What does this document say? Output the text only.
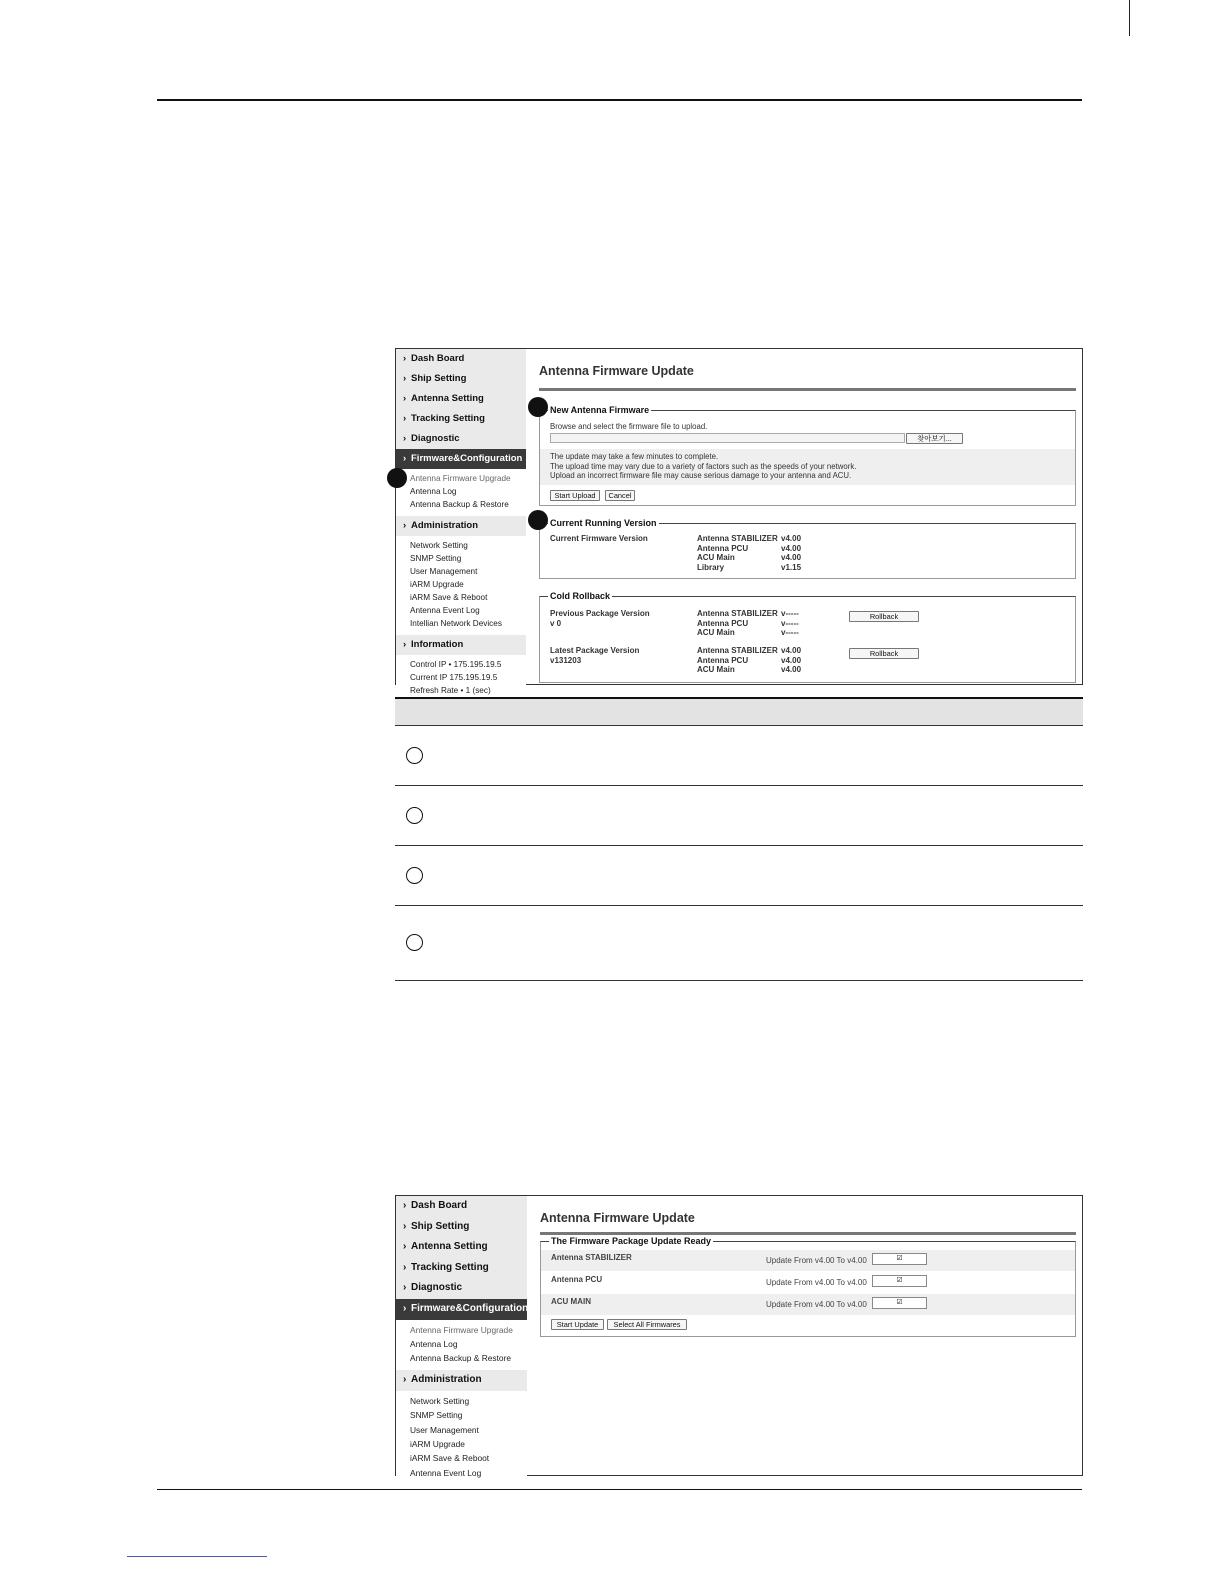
› Dash Board
› Ship Setting
› Antenna Setting
› Tracking Setting
› Diagnostic
› Firmware&Configuration
Antenna Firmware Upgrade
Antenna Log
Antenna Backup & Restore
› Administration
Network Setting
SNMP Setting
User Management
iARM Upgrade
iARM Save & Reboot
Antenna Event Log
Intellian Network Devices
› Information
Control IP • 175.195.19.5
Current IP 175.195.19.5
Refresh Rate • 1 (sec)
Antenna Firmware Update
New Antenna Firmware
Browse and select the firmware file to upload.
찾아보기...
The update may take a few minutes to complete.
The upload time may vary due to a variety of factors such as the speeds of your network.
Upload an incorrect firmware file may cause serious damage to your antenna and ACU.
Start Upload	Cancel
Current Running Version
Current Firmware Version	Antenna STABILIZER v4.00
Antenna PCU	v4.00
ACU Main	v4.00
Library	v1.15
Cold Rollback
Previous Package Version
v 0
Antenna STABILIZER v-----
Antenna PCU	v-----
ACU Main	v-----
Rollback
Latest Package Version
v131203
Antenna STABILIZER v4.00
Antenna PCU	v4.00
ACU Main	v4.00
Rollback
› Dash Board
› Ship Setting
› Antenna Setting
› Tracking Setting
› Diagnostic
› Firmware&Configuration
Antenna Firmware Upgrade
Antenna Log
Antenna Backup & Restore
› Administration
Network Setting
SNMP Setting
User Management
iARM Upgrade
iARM Save & Reboot
Antenna Event Log
Antenna Firmware Update
The Firmware Package Update Ready
Antenna STABILIZER	Update From v4.00 To v4.00	☑
Antenna PCU	Update From v4.00 To v4.00	☑
ACU MAIN	Update From v4.00 To v4.00	☑
Start Update	Select All Firmwares
